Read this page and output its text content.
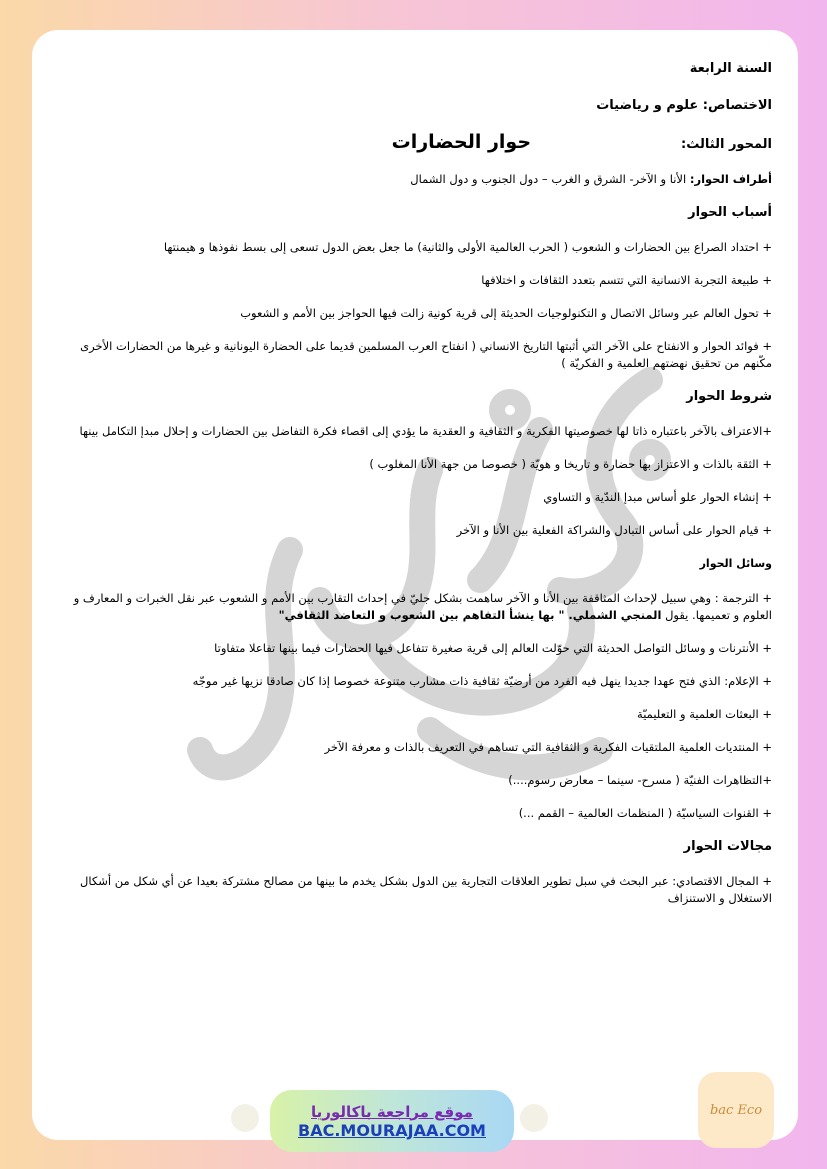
السنة الرابعة
الاختصاص: علوم و رياضيات
المحور الثالث:
حوار الحضارات
أطراف الحوار: الأنا و الآخر- الشرق و الغرب – دول الجنوب و دول الشمال
أسباب الحوار
+ احتداد الصراع بين الحضارات و الشعوب ( الحرب العالمية الأولى والثانية) ما جعل بعض الدول تسعى إلى بسط نفوذها و هيمنتها
+ طبيعة التجربة الانسانية التي تتسم بتعدد الثقافات و اختلافها
+ تحول العالم عبر وسائل الاتصال و التكنولوجيات الحديثة إلى قرية كونية زالت فيها الحواجز بين الأمم و الشعوب
+ فوائد الحوار و الانفتاح على الآخر التي أثبتها التاريخ الانساني ( انفتاح العرب المسلمين قديما على الحضارة اليونانية و غيرها من الحضارات الأخرى مكّنهم من تحقيق نهضتهم العلمية و الفكريّة )
شروط الحوار
+الاعتراف بالآخر باعتباره ذاتا لها خصوصيتها الفكرية و الثقافية و العقدية ما يؤدي إلى اقصاء فكرة التفاضل بين الحضارات و إحلال مبدإ التكامل بينها
+ الثقة بالذات و الاعتزاز بها حضارة و تاريخا و هويّة ( خصوصا من جهة الأنا المغلوب )
+ إنشاء الحوار علو أساس مبدإ الندّية و التساوي
+ قيام الحوار على أساس التبادل والشراكة الفعلية بين الأنا و الآخر
وسائل الحوار
+ الترجمة : وهي سبيل لإحداث المثاقفة بين الأنا و الآخر ساهمت بشكل جليّ في إحداث التقارب بين الأمم و الشعوب عبر نقل الخبرات و المعارف و العلوم و تعميمها. يقول المنجي الشملي. " بها ينشأ التفاهم بين الشعوب و التعاضد الثقافي"
+ الأنترنات و وسائل التواصل الحديثة التي حوّلت العالم إلى قرية صغيرة تتفاعل فيها الحضارات فيما بينها تفاعلا متفاوتا
+ الإعلام: الذي فتح عهدا جديدا ينهل فيه الفرد من أرضيّة ثقافية ذات مشارب متنوعة خصوصا إذا كان صادقا نزيها غير موجّه
+ البعثات العلمية و التعليميّة
+ المنتديات العلمية الملتقيات الفكرية و الثقافية التي تساهم في التعريف بالذات و معرفة الآخر
+التظاهرات الفنيّة ( مسرح- سينما – معارض رسوم....)
+ القنوات السياسيّة ( المنظمات العالمية – القمم ...)
مجالات الحوار
+ المجال الاقتصادي: عبر البحث في سبل تطوير العلاقات التجارية بين الدول بشكل يخدم ما بينها من مصالح مشتركة بعيدا عن أي شكل من أشكال الاستغلال و الاستنزاف
موقع مراجعة باكالوريا
BAC.MOURAJAA.COM
bac Eco
